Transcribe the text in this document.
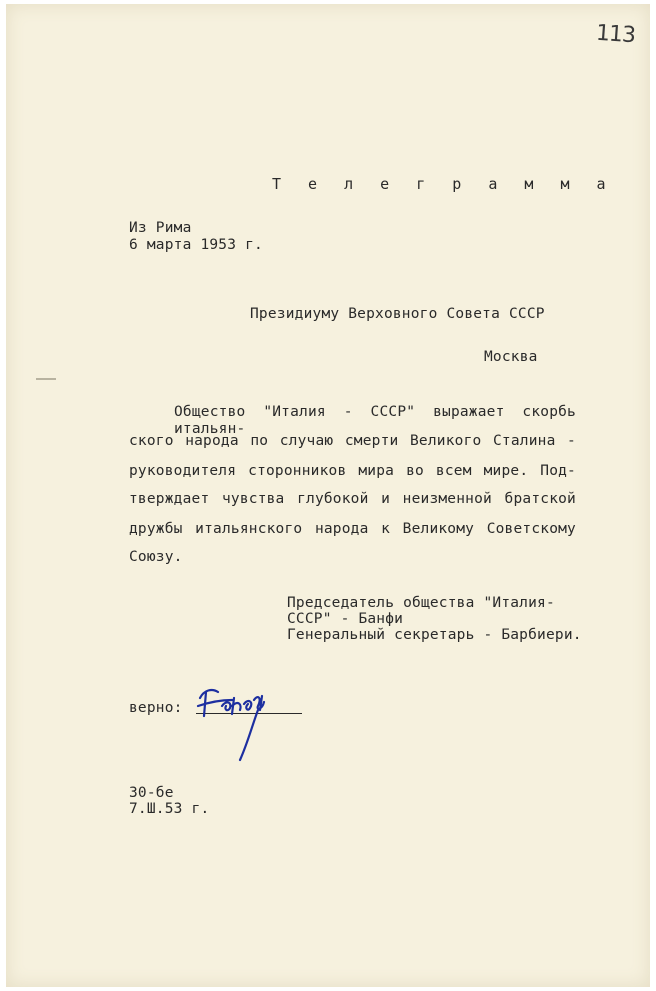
113
Т е л е г р а м м а
Из Рима
6 марта 1953 г.
Президиуму Верховного Совета СССР
Москва
Общество "Италия - СССР" выражает скорбь итальян-
ского народа по случаю смерти Великого Сталина -
руководителя сторонников мира во всем мире. Под-
тверждает чувства глубокой и неизменной братской
дружбы итальянского народа к Великому Советскому
Союзу.
Председатель общества "Италия-
СССР" - Банфи
Генеральный секретарь - Барбиери.
верно:
30-бе
7.Ш.53 г.
